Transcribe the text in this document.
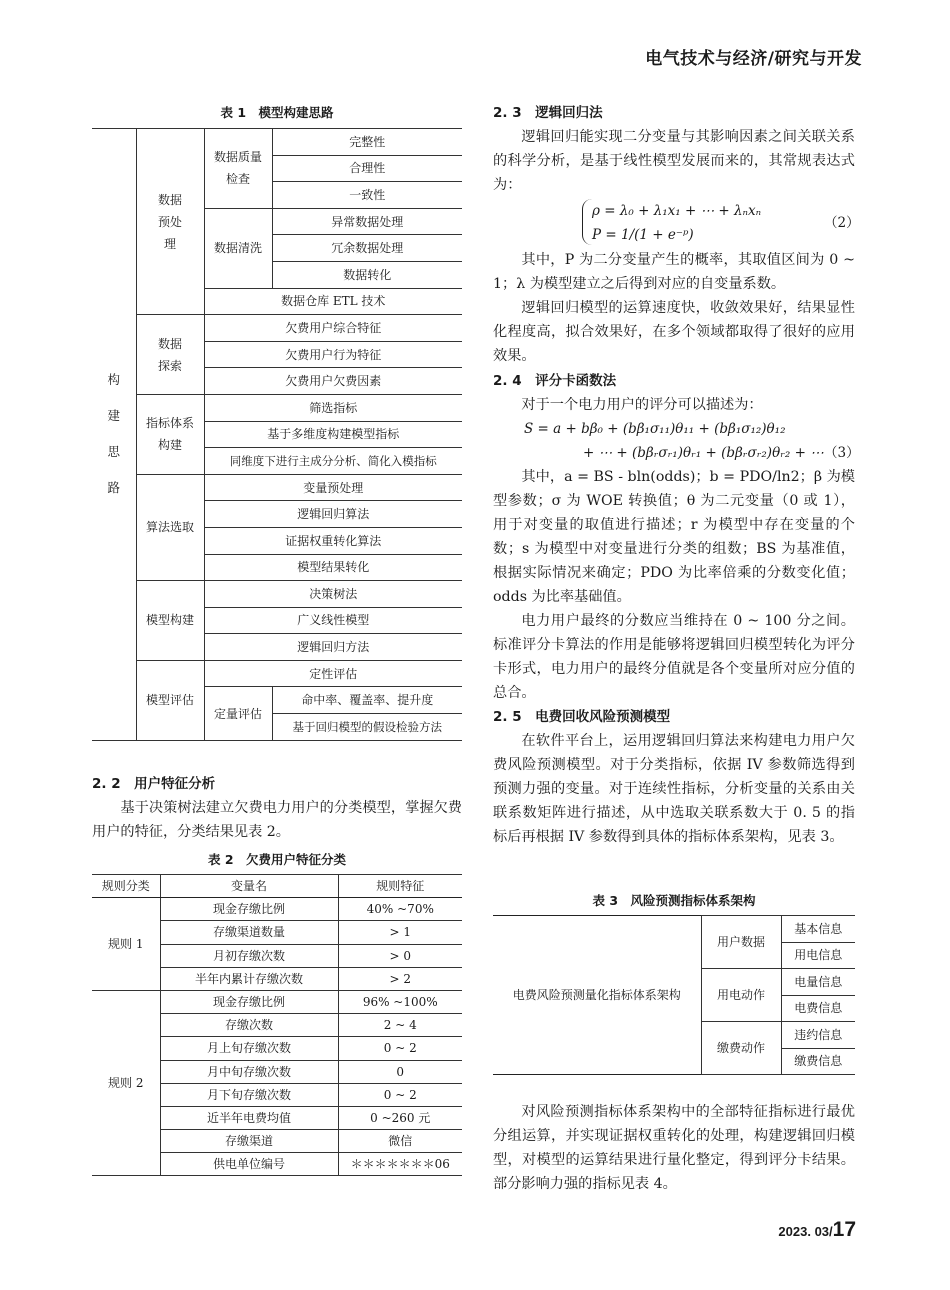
电气技术与经济/研究与开发
2023. 03/17
表 1　模型构建思路
构建思路	数据预处理	数据质量检查	完整性
			合理性
			一致性
		数据清洗	异常数据处理
			冗余数据处理
			数据转化
		数据仓库 ETL 技术	

	数据探索	欠费用户综合特征	
		欠费用户行为特征	
		欠费用户欠费因素	

	指标体系构建	筛选指标	
		基于多维度构建模型指标	
		同维度下进行主成分分析、简化入模指标	
	算法选取	变量预处理	
		逻辑回归算法	
		证据权重转化算法	
		模型结果转化	
	模型构建	决策树法	
		广义线性模型	
		逻辑回归方法	
	模型评估	定性评估	
		定量评估	命中率、覆盖率、提升度
			基于回归模型的假设检验方法
2. 2　用户特征分析

基于决策树法建立欠费电力用户的分类模型，掌握欠费用户的特征，分类结果见表 2。

表 2　欠费用户特征分类
规则分类	变量名	规则特征
规则 1	现金存缴比例	40% ~70%
	存缴渠道数量	> 1
	月初存缴次数	> 0
	半年内累计存缴次数	> 2
规则 2	现金存缴比例	96% ~100%
	存缴次数	2 ~ 4
	月上旬存缴次数	0 ~ 2
	月中旬存缴次数	0
	月下旬存缴次数	0 ~ 2
	近半年电费均值	0 ~260 元
	存缴渠道	微信
	供电单位编号	＊＊＊＊＊＊＊06
2. 3　逻辑回归法

逻辑回归能实现二分变量与其影响因素之间关联关系的科学分析，是基于线性模型发展而来的，其常规表达式为：

ρ = λ₀ + λ₁x₁ + ⋯ + λₙxₙ
P = 1/(1 + e⁻ᵖ)
（2）

其中，P 为二分变量产生的概率，其取值区间为 0 ~ 1；λ 为模型建立之后得到对应的自变量系数。

逻辑回归模型的运算速度快，收敛效果好，结果显性化程度高，拟合效果好，在多个领域都取得了很好的应用效果。

2. 4　评分卡函数法

对于一个电力用户的评分可以描述为：

S = a + bβ₀ + (bβ₁σ₁₁)θ₁₁ + (bβ₁σ₁₂)θ₁₂
+ ⋯ + (bβᵣσᵣ₁)θᵣ₁ + (bβᵣσᵣ₂)θᵣ₂ + ⋯ （3）

其中，a = BS - bln(odds)；b = PDO/ln2；β 为模型参数；σ 为 WOE 转换值；θ 为二元变量（0 或 1），用于对变量的取值进行描述；r 为模型中存在变量的个数；s 为模型中对变量进行分类的组数；BS 为基准值，根据实际情况来确定；PDO 为比率倍乘的分数变化值；odds 为比率基础值。

电力用户最终的分数应当维持在 0 ~ 100 分之间。标准评分卡算法的作用是能够将逻辑回归模型转化为评分卡形式，电力用户的最终分值就是各个变量所对应分值的总合。

2. 5　电费回收风险预测模型

在软件平台上，运用逻辑回归算法来构建电力用户欠费风险预测模型。对于分类指标，依据 IV 参数筛选得到预测力强的变量。对于连续性指标，分析变量的关系由关联系数矩阵进行描述，从中选取关联系数大于 0. 5 的指标后再根据 IV 参数得到具体的指标体系架构，见表 3。

表 3　风险预测指标体系架构
电费风险预测量化指标体系架构	用户数据	基本信息
		用电信息
	用电动作	电量信息
		电费信息
	缴费动作	违约信息
		缴费信息

对风险预测指标体系架构中的全部特征指标进行最优分组运算，并实现证据权重转化的处理，构建逻辑回归模型，对模型的运算结果进行量化整定，得到评分卡结果。部分影响力强的指标见表 4。
